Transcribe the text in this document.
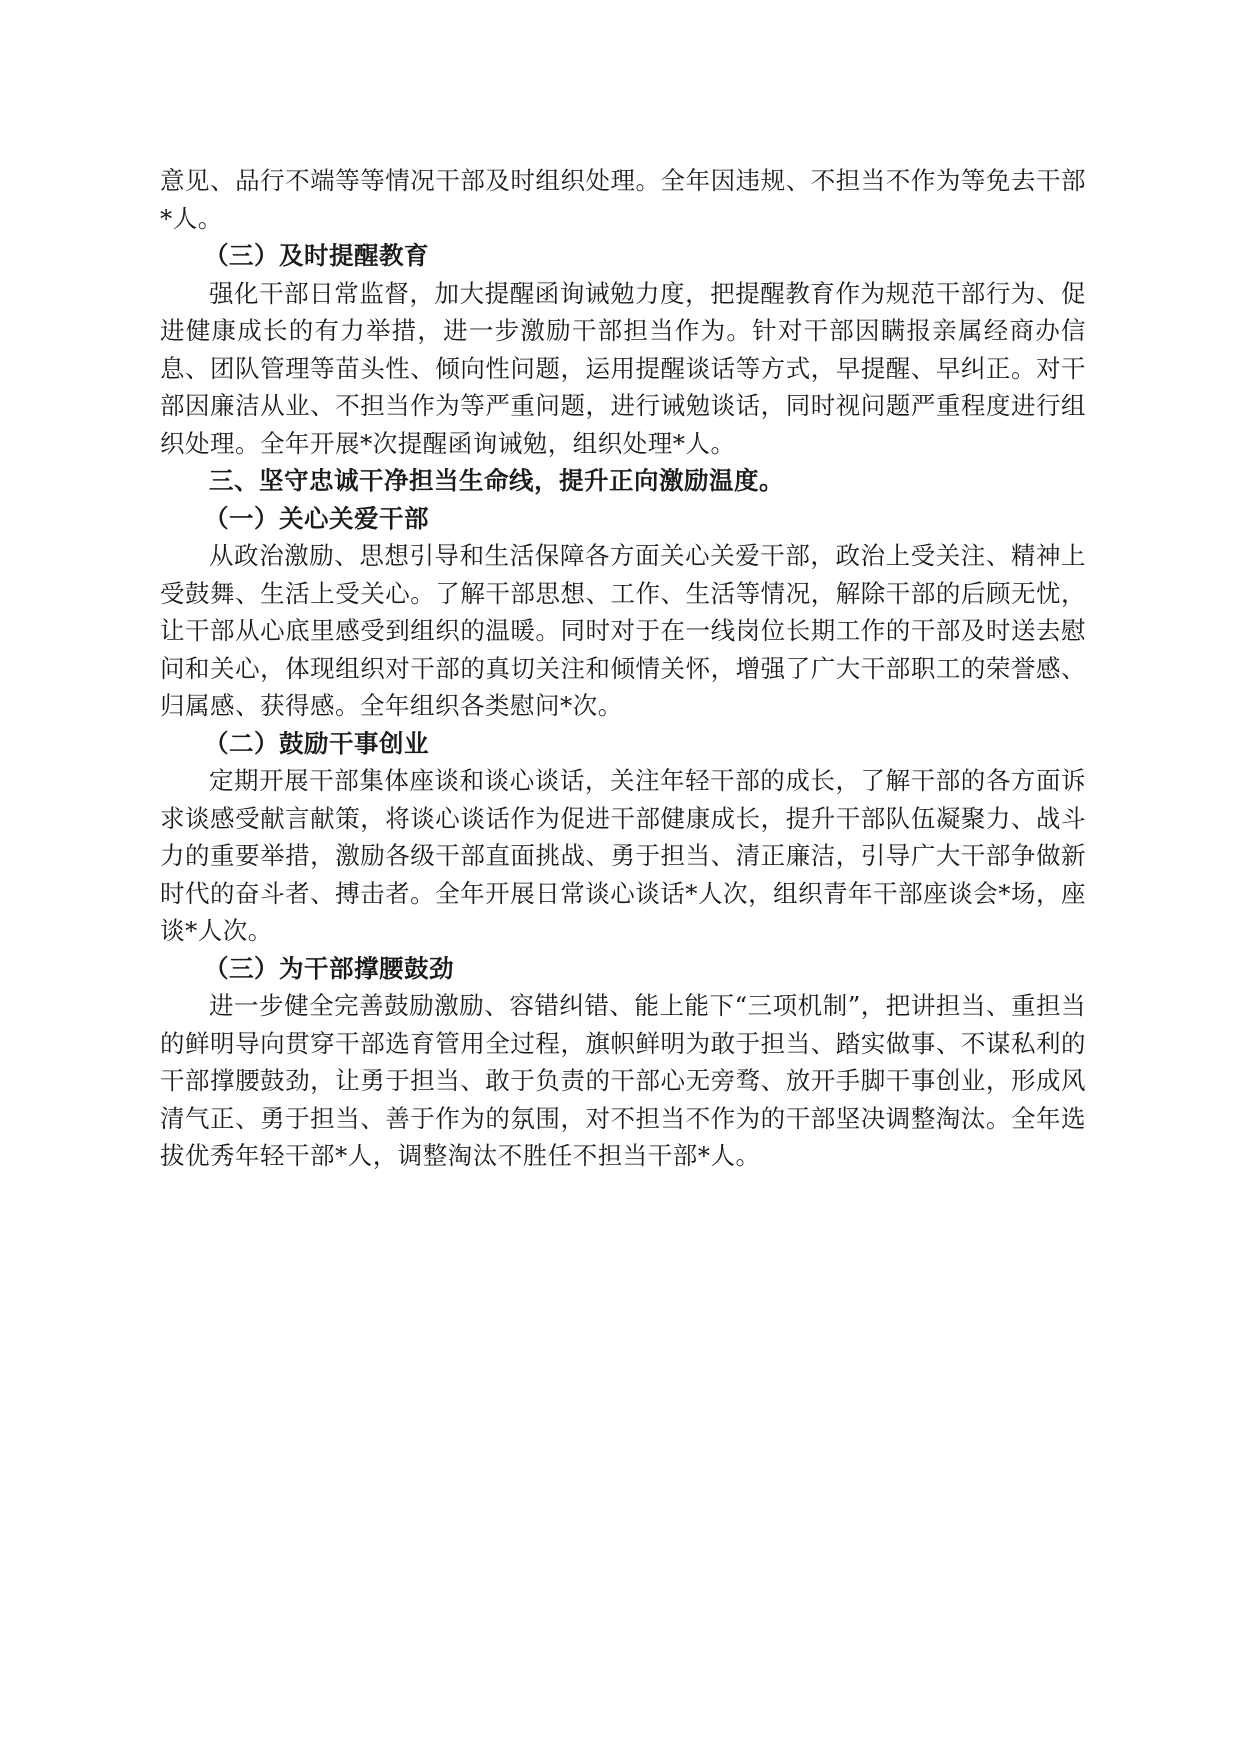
意见、品行不端等等情况干部及时组织处理。全年因违规、不担当不作为等免去干部*人。

（三）及时提醒教育

强化干部日常监督，加大提醒函询诫勉力度，把提醒教育作为规范干部行为、促进健康成长的有力举措，进一步激励干部担当作为。针对干部因瞒报亲属经商办信息、团队管理等苗头性、倾向性问题，运用提醒谈话等方式，早提醒、早纠正。对干部因廉洁从业、不担当作为等严重问题，进行诫勉谈话，同时视问题严重程度进行组织处理。全年开展*次提醒函询诫勉，组织处理*人。

三、坚守忠诚干净担当生命线，提升正向激励温度。

（一）关心关爱干部

从政治激励、思想引导和生活保障各方面关心关爱干部，政治上受关注、精神上受鼓舞、生活上受关心。了解干部思想、工作、生活等情况，解除干部的后顾无忧，让干部从心底里感受到组织的温暖。同时对于在一线岗位长期工作的干部及时送去慰问和关心，体现组织对干部的真切关注和倾情关怀，增强了广大干部职工的荣誉感、归属感、获得感。全年组织各类慰问*次。

（二）鼓励干事创业

定期开展干部集体座谈和谈心谈话，关注年轻干部的成长，了解干部的各方面诉求谈感受献言献策，将谈心谈话作为促进干部健康成长，提升干部队伍凝聚力、战斗力的重要举措，激励各级干部直面挑战、勇于担当、清正廉洁，引导广大干部争做新时代的奋斗者、搏击者。全年开展日常谈心谈话*人次，组织青年干部座谈会*场，座谈*人次。

（三）为干部撑腰鼓劲

进一步健全完善鼓励激励、容错纠错、能上能下“三项机制”，把讲担当、重担当的鲜明导向贯穿干部选育管用全过程，旗帜鲜明为敢于担当、踏实做事、不谋私利的干部撑腰鼓劲，让勇于担当、敢于负责的干部心无旁骛、放开手脚干事创业，形成风清气正、勇于担当、善于作为的氛围，对不担当不作为的干部坚决调整淘汰。全年选拔优秀年轻干部*人，调整淘汰不胜任不担当干部*人。
